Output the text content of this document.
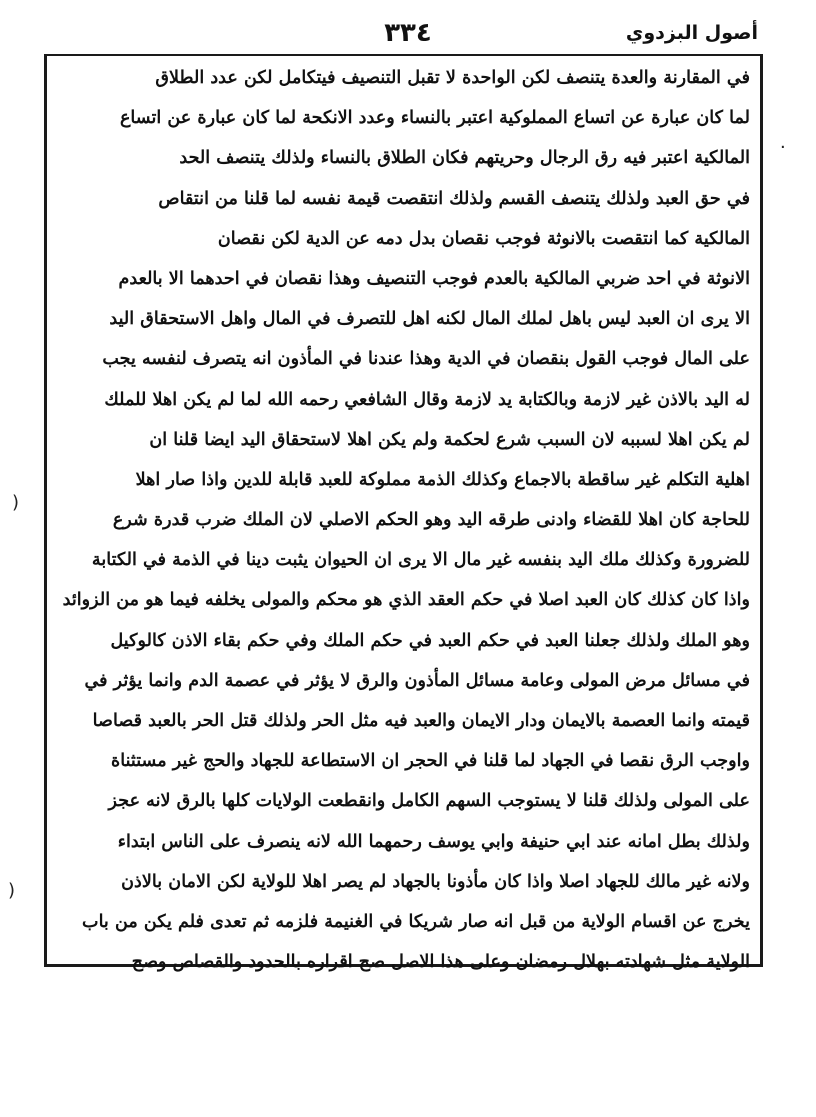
أصول البزدوي
٣٣٤
في المقارنة والعدة يتنصف لكن الواحدة لا تقبل التنصيف فيتكامل لكن عدد الطلاق
لما كان عبارة عن اتساع المملوكية اعتبر بالنساء وعدد الانكحة لما كان عبارة عن اتساع
المالكية اعتبر فيه رق الرجال وحريتهم فكان الطلاق بالنساء ولذلك يتنصف الحد
في حق العبد ولذلك يتنصف القسم ولذلك انتقصت قيمة نفسه لما قلنا من انتقاص
المالكية كما انتقصت بالانوثة فوجب نقصان بدل دمه عن الدية لكن نقصان
الانوثة في احد ضربي المالكية بالعدم فوجب التنصيف وهذا نقصان في احدهما الا بالعدم
الا يرى ان العبد ليس باهل لملك المال لكنه اهل للتصرف في المال واهل الاستحقاق اليد
على المال فوجب القول بنقصان في الدية وهذا عندنا في المأذون انه يتصرف لنفسه يجب
له اليد بالاذن غير لازمة وبالكتابة يد لازمة وقال الشافعي رحمه الله لما لم يكن اهلا للملك
لم يكن اهلا لسببه لان السبب شرع لحكمة ولم يكن اهلا لاستحقاق اليد ايضا قلنا ان
اهلية التكلم غير ساقطة بالاجماع وكذلك الذمة مملوكة للعبد قابلة للدين واذا صار اهلا
للحاجة كان اهلا للقضاء وادنى طرقه اليد وهو الحكم الاصلي لان الملك ضرب قدرة شرع
للضرورة وكذلك ملك اليد بنفسه غير مال الا يرى ان الحيوان يثبت دينا في الذمة في الكتابة
واذا كان كذلك كان العبد اصلا في حكم العقد الذي هو محكم والمولى يخلفه فيما هو من الزوائد
وهو الملك ولذلك جعلنا العبد في حكم العبد في حكم الملك وفي حكم بقاء الاذن كالوكيل
في مسائل مرض المولى وعامة مسائل المأذون والرق لا يؤثر في عصمة الدم وانما يؤثر في
قيمته وانما العصمة بالايمان ودار الايمان والعبد فيه مثل الحر ولذلك قتل الحر بالعبد قصاصا
واوجب الرق نقصا في الجهاد لما قلنا في الحجر ان الاستطاعة للجهاد والحج غير مستثناة
على المولى ولذلك قلنا لا يستوجب السهم الكامل وانقطعت الولايات كلها بالرق لانه عجز
ولذلك بطل امانه عند ابي حنيفة وابي يوسف رحمهما الله لانه ينصرف على الناس ابتداء
ولانه غير مالك للجهاد اصلا واذا كان مأذونا بالجهاد لم يصر اهلا للولاية لكن الامان بالاذن
يخرج عن اقسام الولاية من قبل انه صار شريكا في الغنيمة فلزمه ثم تعدى فلم يكن من باب
الولاية مثل شهادته بهلال رمضان وعلى هذا الاصل صح اقراره بالحدود والقصاص وصح
٠
)
)
